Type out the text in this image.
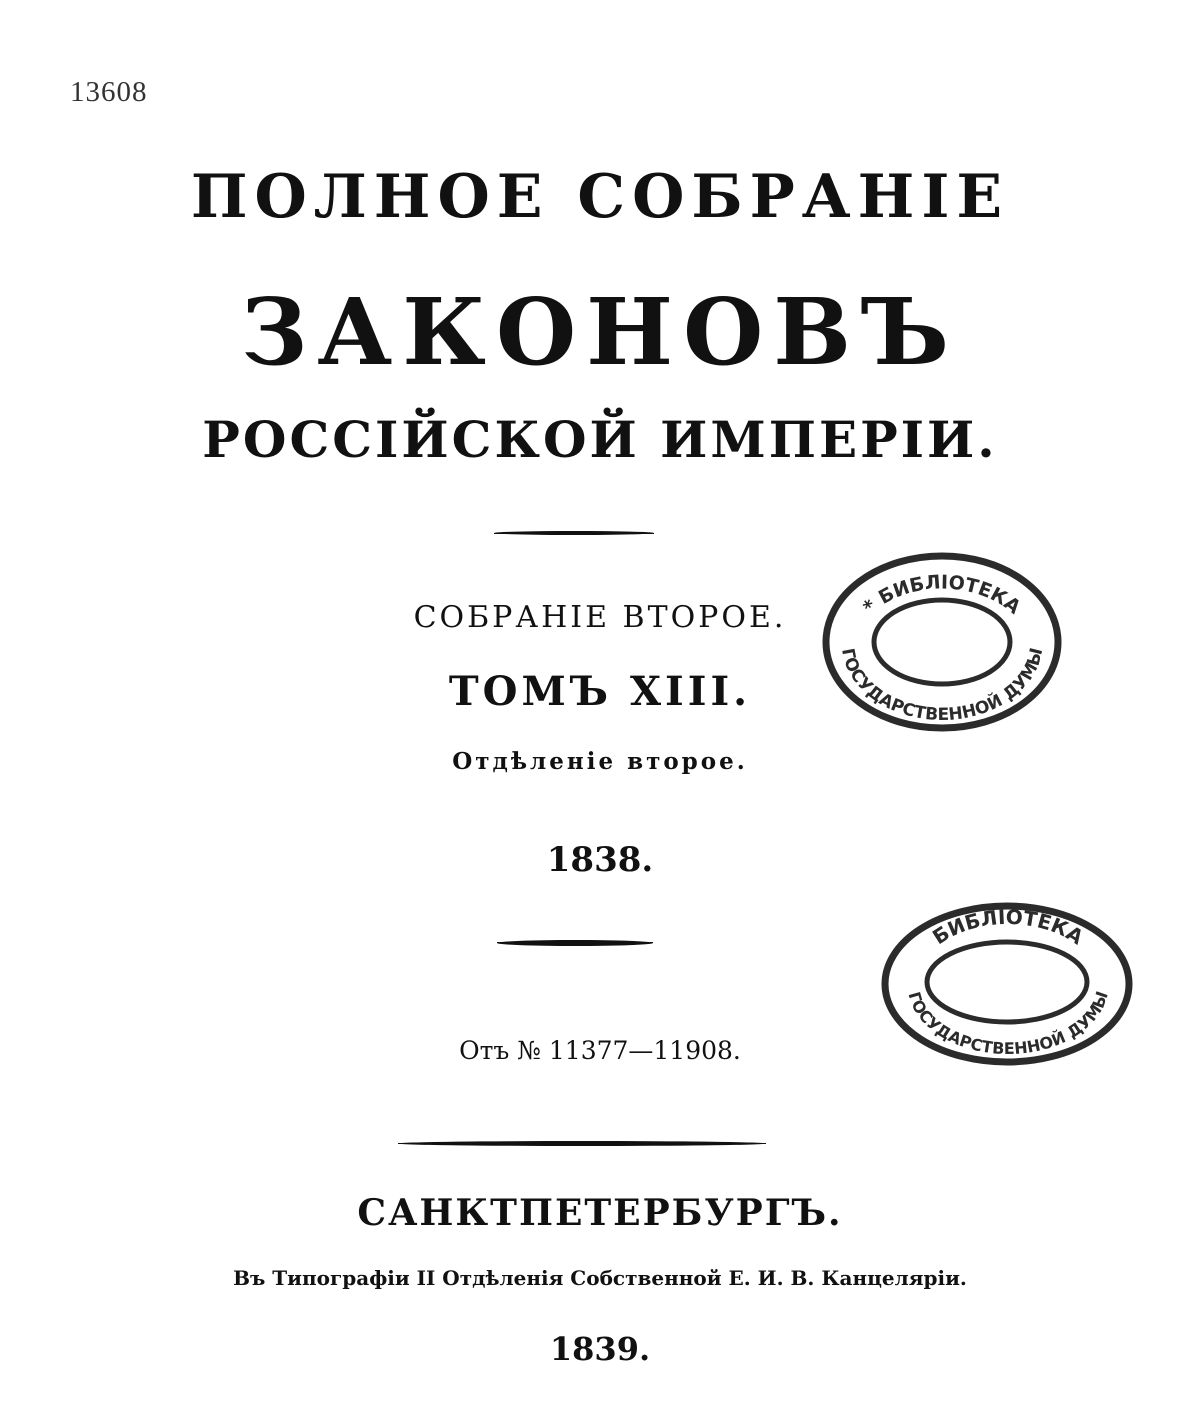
13608
ПОЛНОЕ СОБРАНІЕ
ЗАКОНОВЪ
РОССІЙСКОЙ ИМПЕРІИ.
СОБРАНІЕ ВТОРОЕ.
ТОМЪ XIII.
Отдѣленіе второе.
1838.
Отъ № 11377—11908.
САНКТПЕТЕРБУРГЪ.
Въ Типографіи II Отдѣленія Собственной Е. И. В. Канцеляріи.
1839.
* БИБЛІОТЕКА
ГОСУДАРСТВЕННОЙ ДУМЫ
БИБЛІОТЕКА
ГОСУДАРСТВЕННОЙ ДУМЫ
